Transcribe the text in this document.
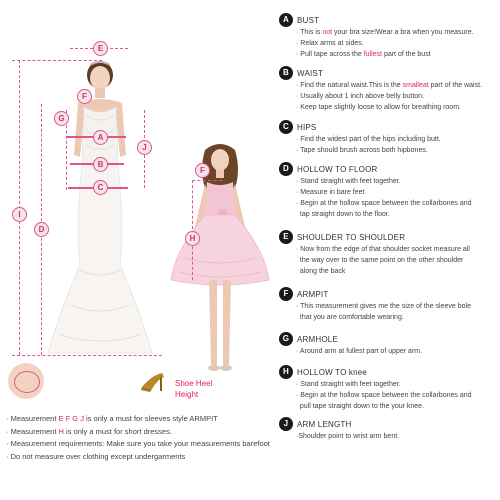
E
I
D
G
F
A
B
C
J
H
F
Shoe Heel
Height
A BUST
· This is not your bra size!Wear a bra when you measure.
· Relax arms at sides.
· Pull tape across the fullest part of the bust
B WAIST
· Find the natural waist.This is the smalleat part of the waist.
· Usually about 1 inch above belly button.
· Keep tape slightly loose to allow for breathing room.
C HIPS
· Find the widest part of the hips including butt.
· Tape should brush across both hipbones.
D HOLLOW TO FLOOR
· Stand straight with feet together.
· Measure in bare feet
· Begin at the hollow space between the collarbones and
tap straight down to the floor.
E SHOULDER TO SHOULDER
· Now from the edge of that shoulder socket measure all
the way over to the same point on the other shoulder
along the back
F ARMPIT
· This measurement gives me the size of the sleeve bole
that you are comfortable wearing.
G ARMHOLE
· Around arm at fullest part of upper arm.
H HOLLOW TO knee
· Stand straight with feet together.
· Begin at the hollow space between the collarbones and
pull tape straight down to the your knee.
J ARM LENGTH
·Shoulder point to wrist arm bent.
· Measurement E F G J is only a must for sleeves style ARMPIT
· Measurement H is only a must for short dresses.
· Measurement requirements: Make sure you take your measurements barefoot
· Do not measure over clothing except undergarments
